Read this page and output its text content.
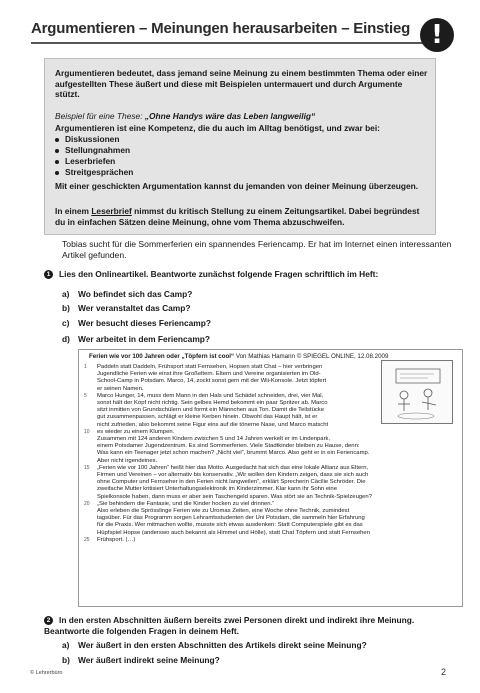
Argumentieren – Meinungen herausarbeiten – Einstieg !
Argumentieren bedeutet, dass jemand seine Meinung zu einem bestimmten Thema oder einer aufgestellten These äußert und diese mit Beispielen untermauert und durch Argumente stützt.
Beispiel für eine These: „Ohne Handys wäre das Leben langweilig“
Argumentieren ist eine Kompetenz, die du auch im Alltag benötigst, und zwar bei:
Diskussionen
Stellungnahmen
Leserbriefen
Streitgesprächen
Mit einer geschickten Argumentation kannst du jemanden von deiner Meinung überzeugen.
In einem Leserbrief nimmst du kritisch Stellung zu einem Zeitungsartikel. Dabei begründest du in einfachen Sätzen deine Meinung, ohne vom Thema abzuschweifen.
Tobias sucht für die Sommerferien ein spannendes Feriencamp. Er hat im Internet einen interessanten Artikel gefunden.
1 Lies den Onlineartikel. Beantworte zunächst folgende Fragen schriftlich im Heft:
a) Wo befindet sich das Camp?
b) Wer veranstaltet das Camp?
c) Wer besucht dieses Feriencamp?
d) Wer arbeitet in dem Feriencamp?
Ferien wie vor 100 Jahren oder „Töpfern ist cool“ Von Mathias Hamann © SPIEGEL ONLINE, 12.08.2009
1
5
10
15
20
25
Paddeln statt Daddeln, Frühsport statt Fernsehen, Hopsen statt Chat – hier verbringen
Jugendliche Ferien wie einst ihre Großeltern. Eltern und Vereine organisierten im Old-
School-Camp in Potsdam. Marco, 14, zockt sonst gern mit der Wii-Konsole. Jetzt töpfert
er seinen Namen.
Marco Hunger, 14, muss dem Mann in den Hals und Schädel schneiden, drei, vier Mal,
sonst hält der Kopf nicht richtig. Sein gelbes Hemd bekommt ein paar Spritzer ab. Marco
sitzt inmitten von Grundschülern und formt ein Männchen aus Ton. Damit die Teilstücke
gut zusammenpassen, schlägt er kleine Kerben hinein. Obwohl das Haupt hält, ist er
nicht zufrieden, also bekommt seine Figur eins auf die tönerne Nase, und Marco matscht
es wieder zu einem Klumpen.
Zusammen mit 124 anderen Kindern zwischen 5 und 14 Jahren werkelt er im Lindenpark,
einem Potsdamer Jugendzentrum. Es sind Sommerferien. Viele Stadtkinder bleiben zu Hause, denn:
Was kann ein Teenager jetzt schon machen? „Nicht viel“, brummt Marco. Also geht er in ein Feriencamp.
Aber nicht irgendeines.
„Ferien wie vor 100 Jahren“ heißt hier das Motto. Ausgedacht hat sich das eine lokale Allianz aus Eltern,
Firmen und Vereinen – vor alternativ bis konservativ. „Wir wollen den Kindern zeigen, dass sie sich auch
ohne Computer und Fernseher in den Ferien nicht langweilen“, erklärt Sprecherin Cäcilie Schröder. Die
zweifache Mutter kritisiert Unterhaltungselektronik im Kinderzimmer. Klar kann ihr Sohn eine
Spielkonsole haben, dann muss er aber sein Taschengeld sparen. Was stört sie an Technik-Spielzeugen?
„Sie behindern die Fantasie, und die Kinder hocken zu viel drinnen.“
Also erleben die Sprösslinge Ferien wie zu Uromas Zeiten, eine Woche ohne Technik, zumindest
tagsüber. Für das Programm sorgen Lehramtsstudenten der Uni Potsdam, die sammeln hier Erfahrung
für die Praxis. Wer mitmachen wollte, musste sich etwas ausdenken: Statt Computerspiele gibt es das
Hüpfspiel Hopse (anderswo auch bekannt als Himmel und Hölle), statt Chat Töpfern und statt Fernsehen
Frühsport. (…)
2 In den ersten Abschnitten äußern bereits zwei Personen direkt und indirekt ihre Meinung. Beantworte die folgenden Fragen in deinem Heft.
a) Wer äußert in den ersten Abschnitten des Artikels direkt seine Meinung?
b) Wer äußert indirekt seine Meinung?
© Lehrerbüro	2
